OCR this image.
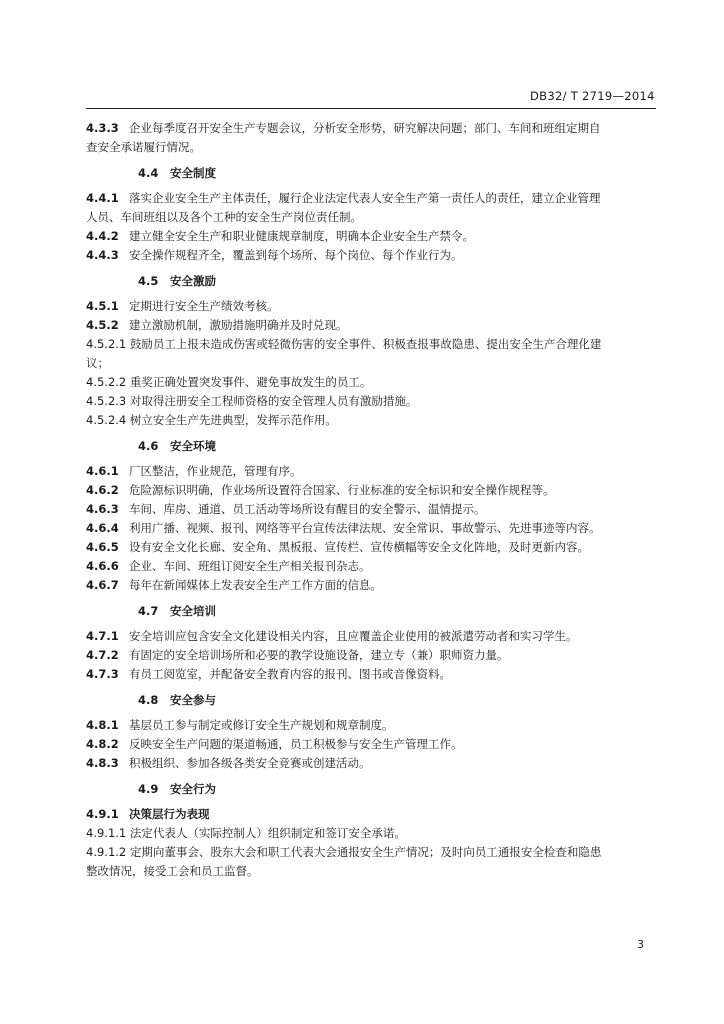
DB32/ T 2719—2014
4.3.3 企业每季度召开安全生产专题会议，分析安全形势，研究解决问题；部门、车间和班组定期自
查安全承诺履行情况。
4.4 安全制度
4.4.1 落实企业安全生产主体责任，履行企业法定代表人安全生产第一责任人的责任，建立企业管理
人员、车间班组以及各个工种的安全生产岗位责任制。
4.4.2 建立健全安全生产和职业健康规章制度，明确本企业安全生产禁令。
4.4.3 安全操作规程齐全，覆盖到每个场所、每个岗位、每个作业行为。
4.5 安全激励
4.5.1 定期进行安全生产绩效考核。
4.5.2 建立激励机制，激励措施明确并及时兑现。
4.5.2.1 鼓励员工上报未造成伤害或轻微伤害的安全事件、积极查报事故隐患、提出安全生产合理化建
议；
4.5.2.2 重奖正确处置突发事件、避免事故发生的员工。
4.5.2.3 对取得注册安全工程师资格的安全管理人员有激励措施。
4.5.2.4 树立安全生产先进典型，发挥示范作用。
4.6 安全环境
4.6.1 厂区整洁，作业规范，管理有序。
4.6.2 危险源标识明确，作业场所设置符合国家、行业标准的安全标识和安全操作规程等。
4.6.3 车间、库房、通道、员工活动等场所设有醒目的安全警示、温情提示。
4.6.4 利用广播、视频、报刊、网络等平台宣传法律法规、安全常识、事故警示、先进事迹等内容。
4.6.5 设有安全文化长廊、安全角、黑板报、宣传栏、宣传横幅等安全文化阵地，及时更新内容。
4.6.6 企业、车间、班组订阅安全生产相关报刊杂志。
4.6.7 每年在新闻媒体上发表安全生产工作方面的信息。
4.7 安全培训
4.7.1 安全培训应包含安全文化建设相关内容，且应覆盖企业使用的被派遣劳动者和实习学生。
4.7.2 有固定的安全培训场所和必要的教学设施设备，建立专（兼）职师资力量。
4.7.3 有员工阅览室，并配备安全教育内容的报刊、图书或音像资料。
4.8 安全参与
4.8.1 基层员工参与制定或修订安全生产规划和规章制度。
4.8.2 反映安全生产问题的渠道畅通，员工积极参与安全生产管理工作。
4.8.3 积极组织、参加各级各类安全竞赛或创建活动。
4.9 安全行为
4.9.1 决策层行为表现
4.9.1.1 法定代表人（实际控制人）组织制定和签订安全承诺。
4.9.1.2 定期向董事会、股东大会和职工代表大会通报安全生产情况；及时向员工通报安全检查和隐患
整改情况，接受工会和员工监督。
3
